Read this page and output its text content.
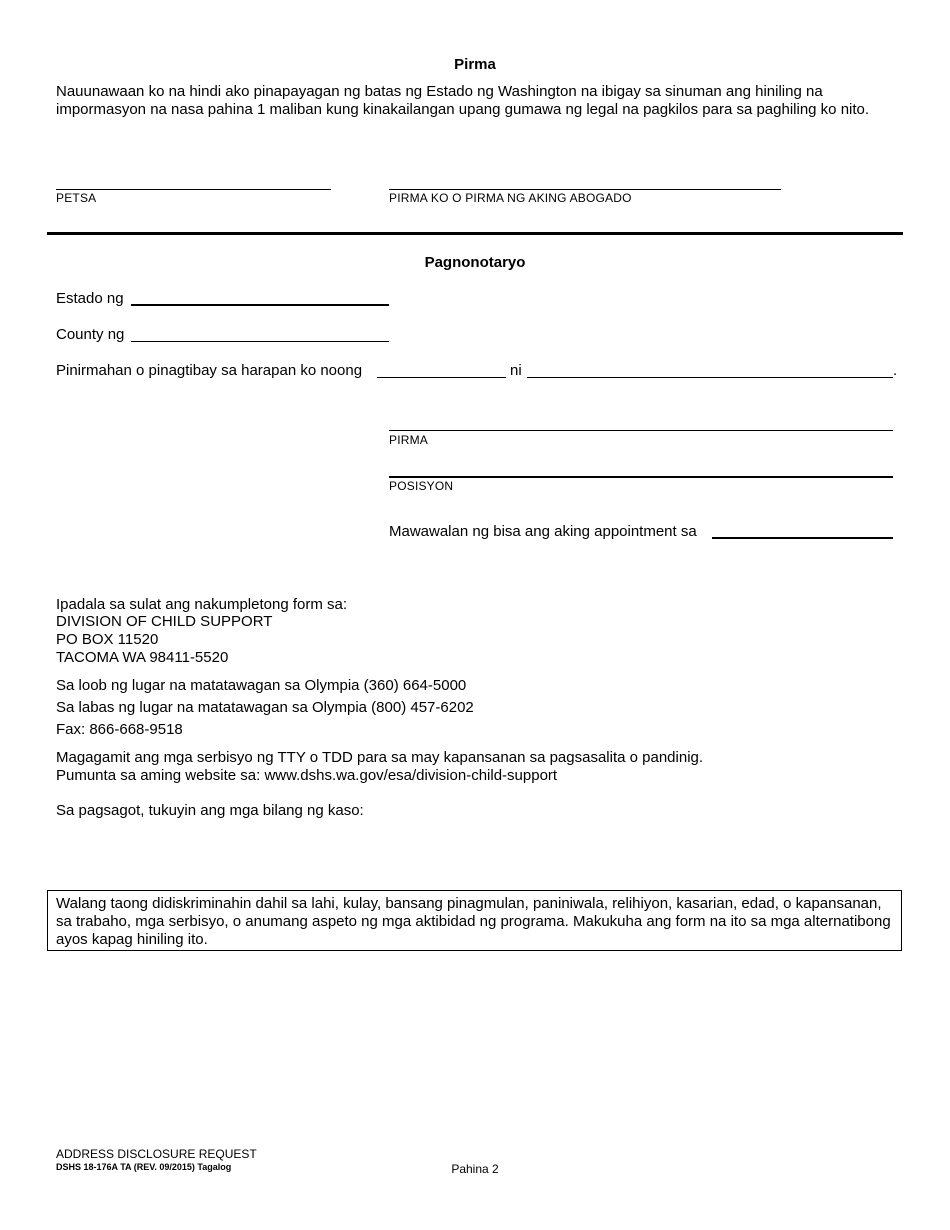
Pirma
Nauunawaan ko na hindi ako pinapayagan ng batas ng Estado ng Washington na ibigay sa sinuman ang hiniling na impormasyon na nasa pahina 1 maliban kung kinakailangan upang gumawa ng legal na pagkilos para sa paghiling ko nito.
PETSA	PIRMA KO O PIRMA NG AKING ABOGADO
Pagnonotaryo
Estado ng
County ng
Pinirmahan o pinagtibay sa harapan ko noong	ni	.
PIRMA
POSISYON
Mawawalan ng bisa ang aking appointment sa
Ipadala sa sulat ang nakumpletong form sa:
DIVISION OF CHILD SUPPORT
PO BOX 11520
TACOMA WA 98411-5520
Sa loob ng lugar na matatawagan sa Olympia (360) 664-5000
Sa labas ng lugar na matatawagan sa Olympia (800) 457-6202
Fax: 866-668-9518
Magagamit ang mga serbisyo ng TTY o TDD para sa may kapansanan sa pagsasalita o pandinig.
Pumunta sa aming website sa: www.dshs.wa.gov/esa/division-child-support
Sa pagsagot, tukuyin ang mga bilang ng kaso:
Walang taong didiskriminahin dahil sa lahi, kulay, bansang pinagmulan, paniniwala, relihiyon, kasarian, edad, o kapansanan, sa trabaho, mga serbisyo, o anumang aspeto ng mga aktibidad ng programa. Makukuha ang form na ito sa mga alternatibong ayos kapag hiniling ito.
ADDRESS DISCLOSURE REQUEST
DSHS 18-176A TA (REV. 09/2015) Tagalog	Pahina 2
